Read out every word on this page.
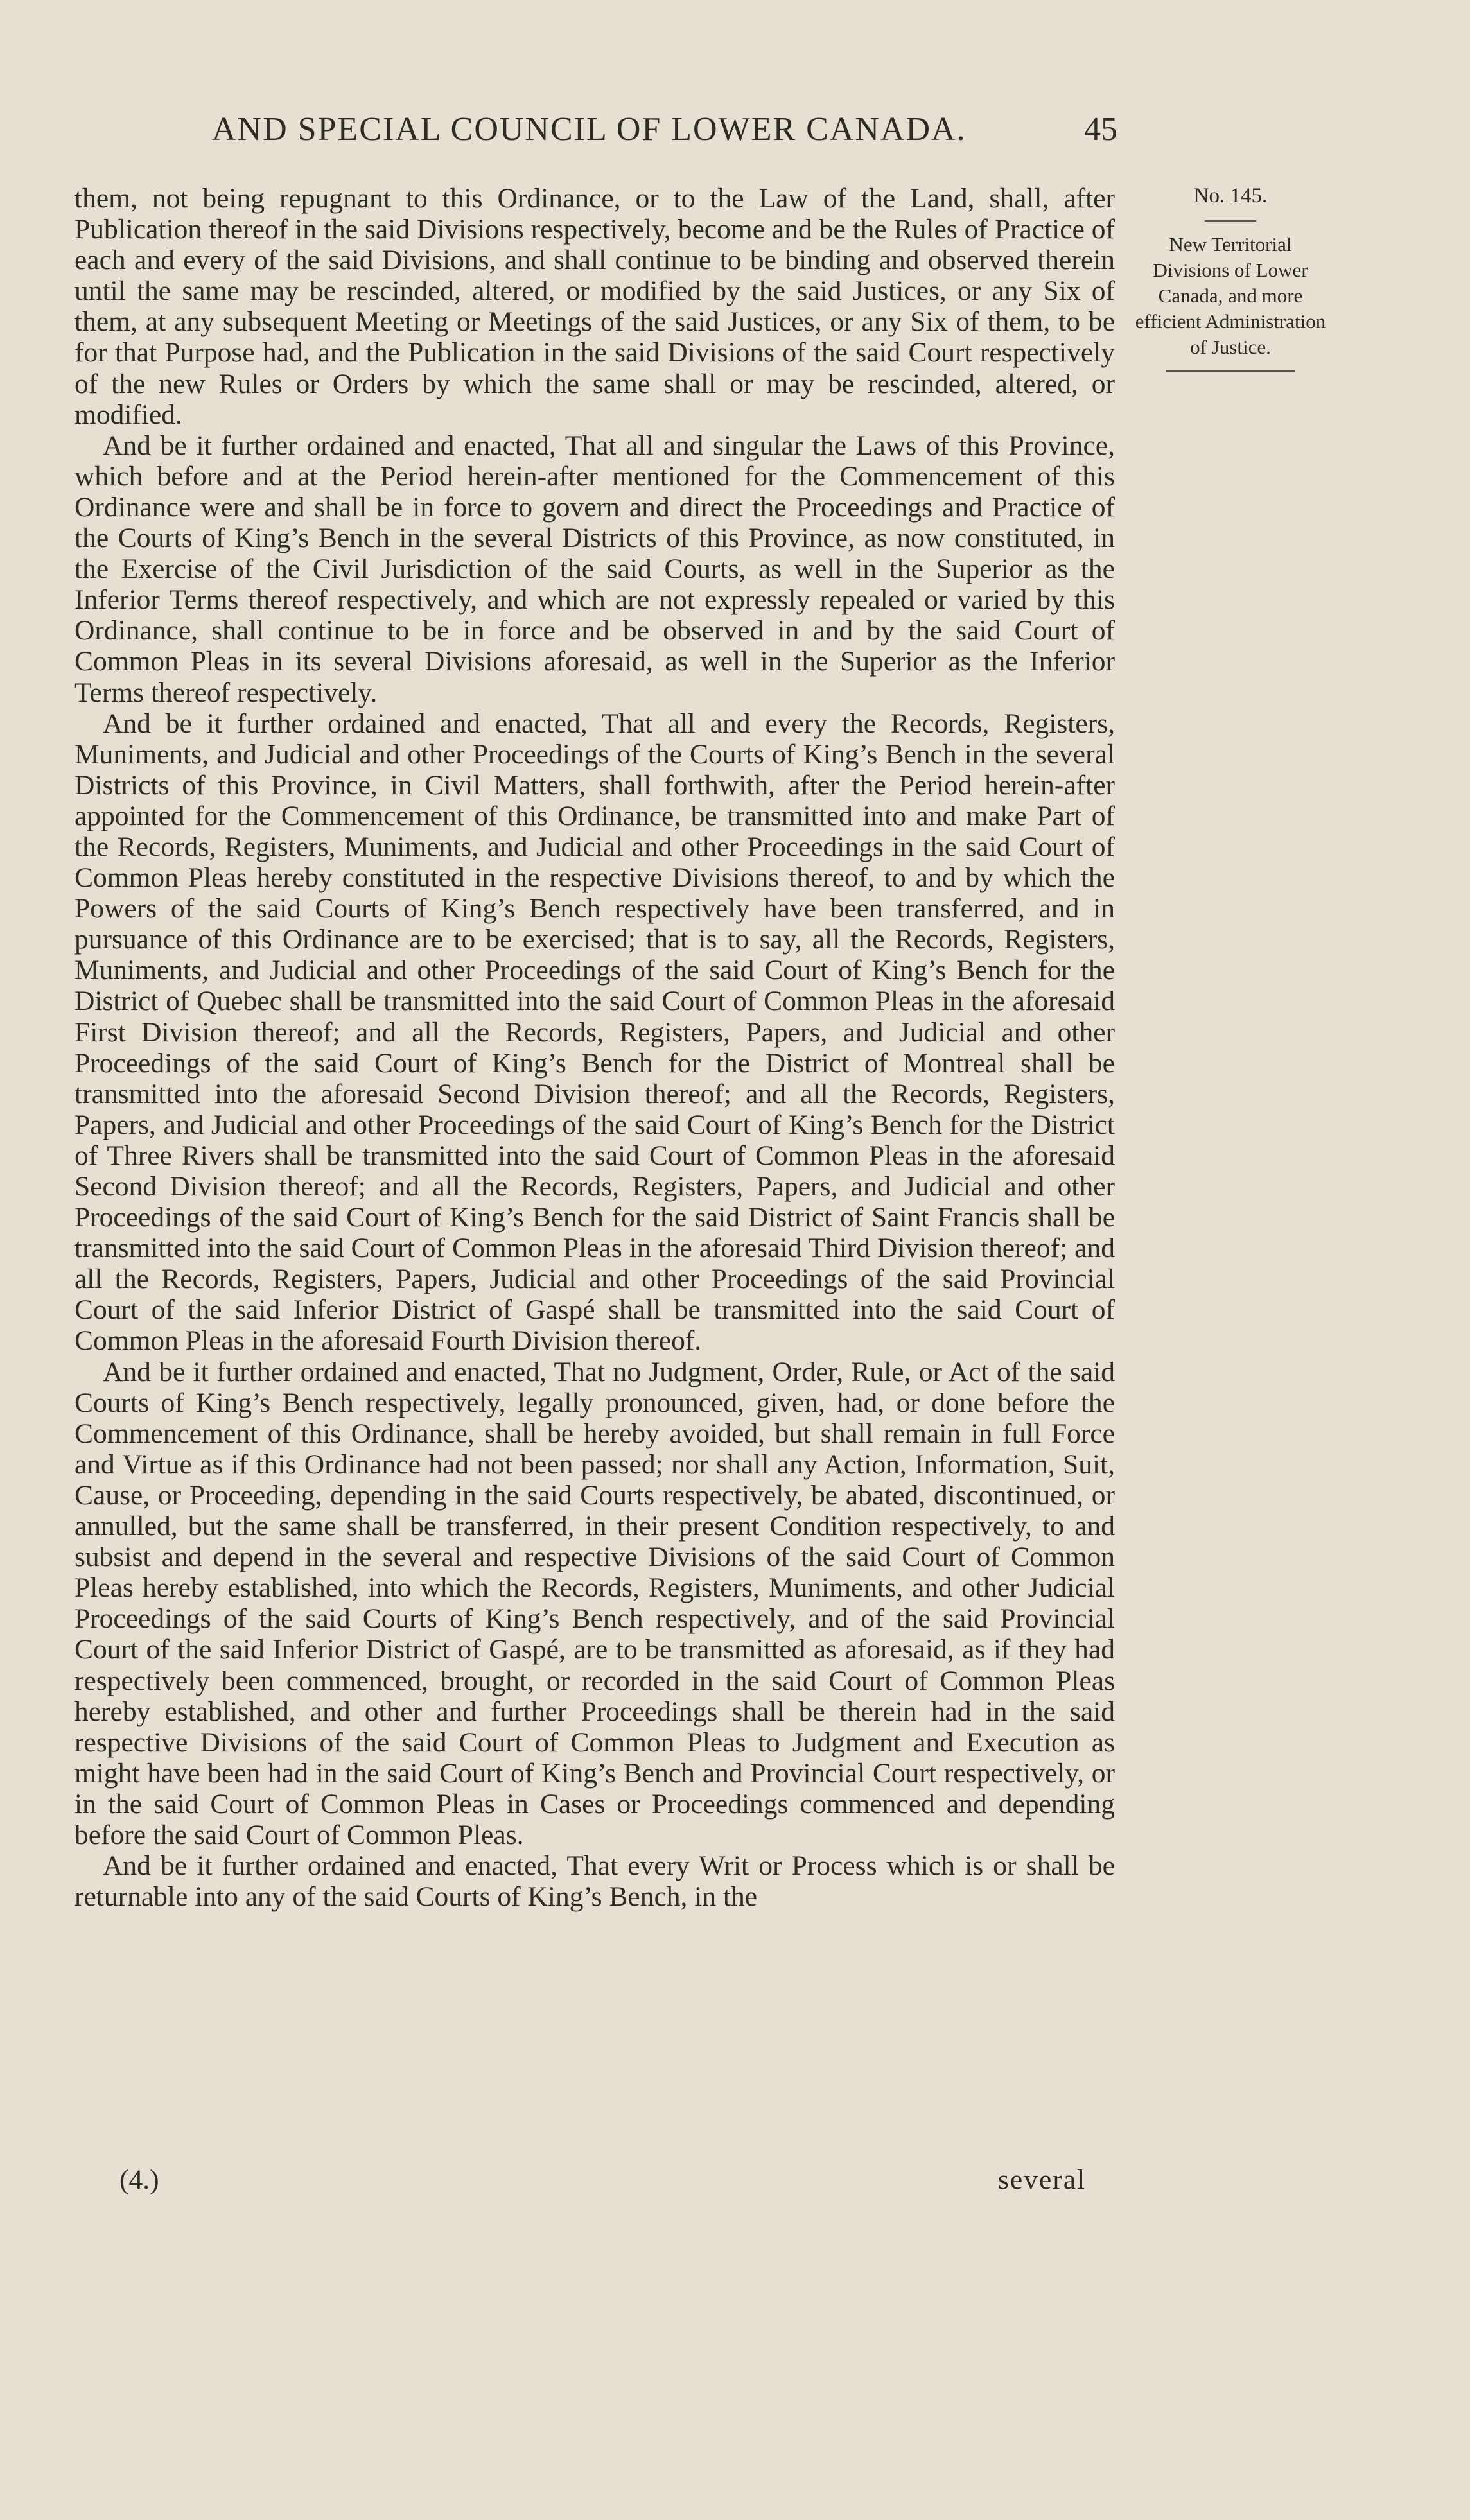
AND SPECIAL COUNCIL OF LOWER CANADA.	45
No. 145.
New Territorial Divisions of Lower Canada, and more efficient Administration of Justice.

them, not being repugnant to this Ordinance, or to the Law of the Land, shall, after Publication thereof in the said Divisions respectively, become and be the Rules of Practice of each and every of the said Divisions, and shall continue to be binding and observed therein until the same may be rescinded, altered, or modified by the said Justices, or any Six of them, at any subsequent Meeting or Meetings of the said Justices, or any Six of them, to be for that Purpose had, and the Publication in the said Divisions of the said Court respectively of the new Rules or Orders by which the same shall or may be rescinded, altered, or modified.

And be it further ordained and enacted, That all and singular the Laws of this Province, which before and at the Period herein-after mentioned for the Commencement of this Ordinance were and shall be in force to govern and direct the Proceedings and Practice of the Courts of King’s Bench in the several Districts of this Province, as now constituted, in the Exercise of the Civil Jurisdiction of the said Courts, as well in the Superior as the Inferior Terms thereof respectively, and which are not expressly repealed or varied by this Ordinance, shall continue to be in force and be observed in and by the said Court of Common Pleas in its several Divisions aforesaid, as well in the Superior as the Inferior Terms thereof respectively.

And be it further ordained and enacted, That all and every the Records, Registers, Muniments, and Judicial and other Proceedings of the Courts of King’s Bench in the several Districts of this Province, in Civil Matters, shall forthwith, after the Period herein-after appointed for the Commencement of this Ordinance, be transmitted into and make Part of the Records, Registers, Muniments, and Judicial and other Proceedings in the said Court of Common Pleas hereby constituted in the respective Divisions thereof, to and by which the Powers of the said Courts of King’s Bench respectively have been transferred, and in pursuance of this Ordinance are to be exercised; that is to say, all the Records, Registers, Muniments, and Judicial and other Proceedings of the said Court of King’s Bench for the District of Quebec shall be transmitted into the said Court of Common Pleas in the aforesaid First Division thereof; and all the Records, Registers, Papers, and Judicial and other Proceedings of the said Court of King’s Bench for the District of Montreal shall be transmitted into the aforesaid Second Division thereof; and all the Records, Registers, Papers, and Judicial and other Proceedings of the said Court of King’s Bench for the District of Three Rivers shall be transmitted into the said Court of Common Pleas in the aforesaid Second Division thereof; and all the Records, Registers, Papers, and Judicial and other Proceedings of the said Court of King’s Bench for the said District of Saint Francis shall be transmitted into the said Court of Common Pleas in the aforesaid Third Division thereof; and all the Records, Registers, Papers, Judicial and other Proceedings of the said Provincial Court of the said Inferior District of Gaspé shall be transmitted into the said Court of Common Pleas in the aforesaid Fourth Division thereof.

And be it further ordained and enacted, That no Judgment, Order, Rule, or Act of the said Courts of King’s Bench respectively, legally pronounced, given, had, or done before the Commencement of this Ordinance, shall be hereby avoided, but shall remain in full Force and Virtue as if this Ordinance had not been passed; nor shall any Action, Information, Suit, Cause, or Proceeding, depending in the said Courts respectively, be abated, discontinued, or annulled, but the same shall be transferred, in their present Condition respectively, to and subsist and depend in the several and respective Divisions of the said Court of Common Pleas hereby established, into which the Records, Registers, Muniments, and other Judicial Proceedings of the said Courts of King’s Bench respectively, and of the said Provincial Court of the said Inferior District of Gaspé, are to be transmitted as aforesaid, as if they had respectively been commenced, brought, or recorded in the said Court of Common Pleas hereby established, and other and further Proceedings shall be therein had in the said respective Divisions of the said Court of Common Pleas to Judgment and Execution as might have been had in the said Court of King’s Bench and Provincial Court respectively, or in the said Court of Common Pleas in Cases or Proceedings commenced and depending before the said Court of Common Pleas.

And be it further ordained and enacted, That every Writ or Process which is or shall be returnable into any of the said Courts of King’s Bench, in the

(4.)	several
